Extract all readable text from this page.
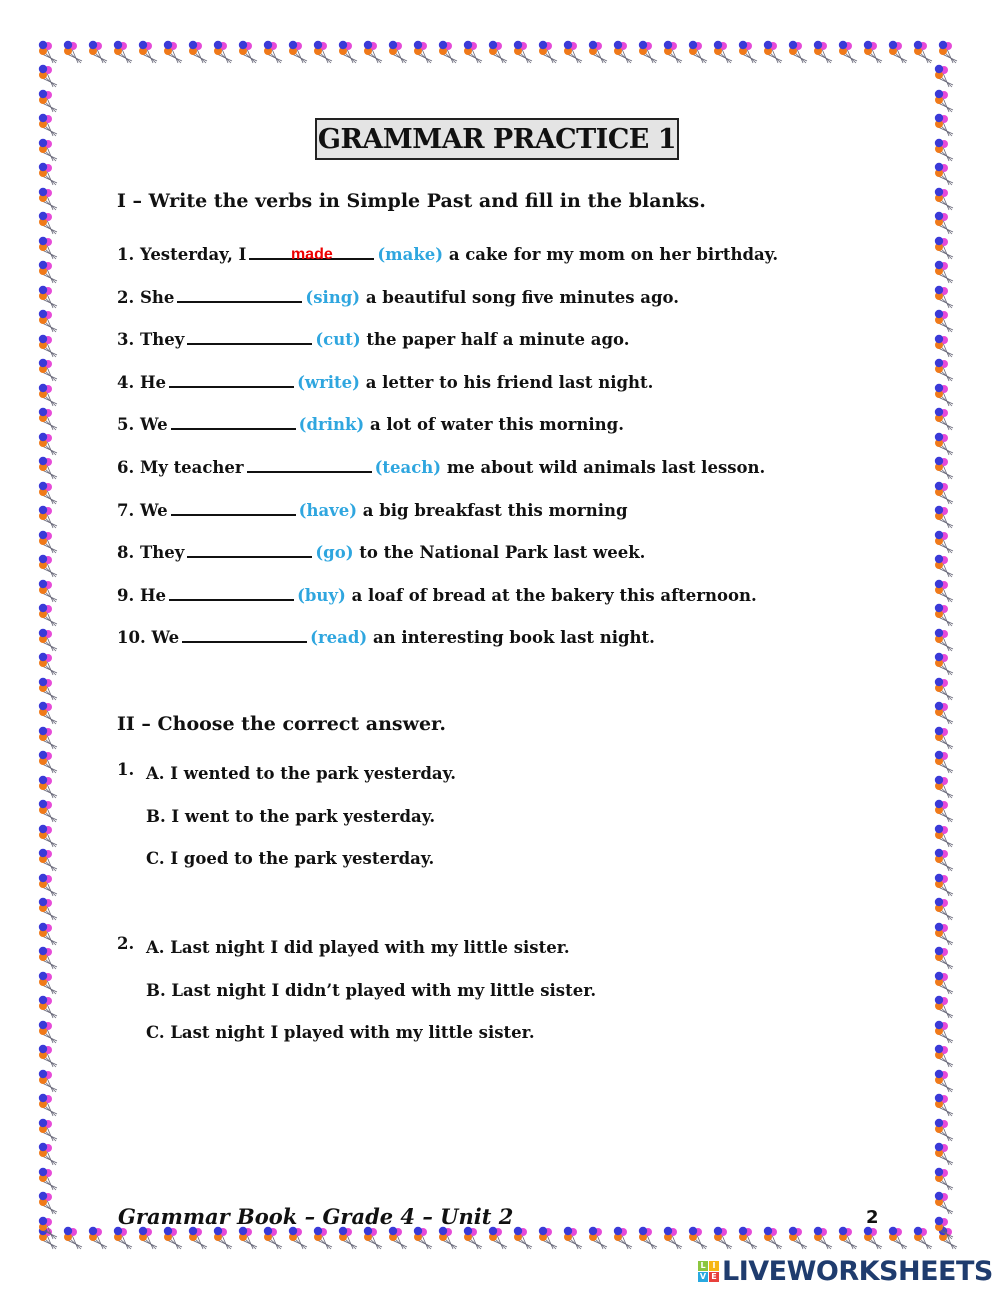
GRAMMAR PRACTICE 1
I – Write the verbs in Simple Past and fill in the blanks.
1. Yesterday, I	made	(make) a cake for my mom on her birthday.
2. She	(sing) a beautiful song five minutes ago.
3. They	(cut) the paper half a minute ago.
4. He	(write) a letter to his friend last night.
5. We	(drink) a lot of water this morning.
6. My teacher	(teach) me about wild animals last lesson.
7. We	(have) a big breakfast this morning
8. They	(go) to the National Park last week.
9. He	(buy) a loaf of bread at the bakery this afternoon.
10. We	(read) an interesting book last night.
II – Choose the correct answer.
1. A. I wented to the park yesterday.
B. I went to the park yesterday.
C. I goed to the park yesterday.
2. A. Last night I did played with my little sister.
B. Last night I didn’t played with my little sister.
C. Last night I played with my little sister.
Grammar Book – Grade 4 – Unit 2	2
L I
V E LIVEWORKSHEETS
